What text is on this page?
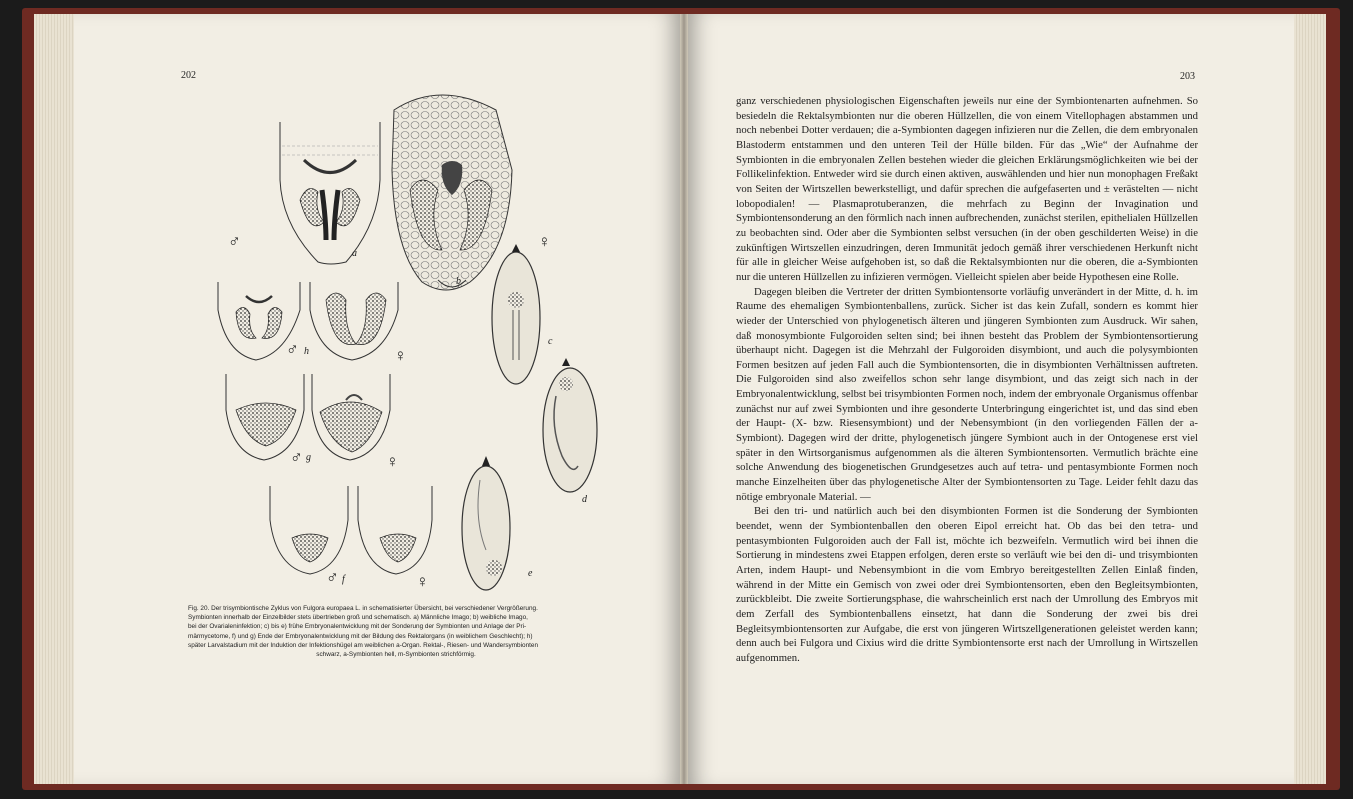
202	203
♂	♀
♂	♀
♂	♀
♂	♀
a
b
c
d
e
f
g
h
Fig. 20. Der trisymbiontische Zyklus von Fulgora europaea L. in schematisierter Übersicht, bei verschiedener Vergrößerung.
Symbionten innerhalb der Einzelbilder stets übertrieben groß und schematisch. a) Männliche Imago; b) weibliche Imago,
bei der Ovarialeninfektion; c) bis e) frühe Embryonalentwicklung mit der Sonderung der Symbionten und Anlage der Pri-
märmycetome, f) und g) Ende der Embryonalentwicklung mit der Bildung des Rektalorgans (in weiblichem Geschlecht); h)
später Larvalstadium mit der Induktion der Infektionshügel am weiblichen a-Organ. Rektal-, Riesen- und Wandersymbionten
schwarz, a-Symbionten hell, m-Symbionten strichförmig.

ganz verschiedenen physiologischen Eigenschaften jeweils nur eine der Symbiontenarten aufnehmen. So besiedeln die Rektalsymbionten nur die oberen Hüllzellen, die von einem Vitellophagen abstammen und noch nebenbei Dotter verdauen; die a-Symbionten dagegen infizieren nur die Zellen, die dem embryonalen Blastoderm entstammen und den unteren Teil der Hülle bilden. Für das „Wie“ der Aufnahme der Symbionten in die embryonalen Zellen bestehen wieder die gleichen Erklärungsmöglichkeiten wie bei der Follikelinfektion. Entweder wird sie durch einen aktiven, auswählenden und hier nun monophagen Freßakt von Seiten der Wirtszellen bewerkstelligt, und dafür sprechen die aufgefaserten und ± verästelten — nicht lobopodialen! — Plasmaprotuberanzen, die mehrfach zu Beginn der Invagination und Symbiontensonderung an den förmlich nach innen aufbrechenden, zunächst sterilen, epithelialen Hüllzellen zu beobachten sind. Oder aber die Symbionten selbst versuchen (in der oben geschilderten Weise) in die zukünftigen Wirtszellen einzudringen, deren Immunität jedoch gemäß ihrer verschiedenen Herkunft nicht für alle in gleicher Weise aufgehoben ist, so daß die Rektalsymbionten nur die oberen, die a-Symbionten nur die unteren Hüllzellen zu infizieren vermögen. Vielleicht spielen aber beide Hypothesen eine Rolle.

Dagegen bleiben die Vertreter der dritten Symbiontensorte vorläufig unverändert in der Mitte, d. h. im Raume des ehemaligen Symbiontenballens, zurück. Sicher ist das kein Zufall, sondern es kommt hier wieder der Unterschied von phylogenetisch älteren und jüngeren Symbionten zum Ausdruck. Wir sahen, daß monosymbionte Fulgoroiden selten sind; bei ihnen besteht das Problem der Symbiontensortierung überhaupt nicht. Dagegen ist die Mehrzahl der Fulgoroiden disymbiont, und auch die polysymbionten Formen besitzen auf jeden Fall auch die Symbiontensorten, die in disymbionten Verhältnissen auftreten. Die Fulgoroiden sind also zweifellos schon sehr lange disymbiont, und das zeigt sich nach in der Embryonalentwicklung, selbst bei trisymbionten Formen noch, indem der embryonale Organismus offenbar zunächst nur auf zwei Symbionten und ihre gesonderte Unterbringung eingerichtet ist, und das sind eben der Haupt- (X- bzw. Riesensymbiont) und der Nebensymbiont (in den vorliegenden Fällen der a-Symbiont). Dagegen wird der dritte, phylogenetisch jüngere Symbiont auch in der Ontogenese erst viel später in den Wirtsorganismus aufgenommen als die älteren Symbiontensorten. Vermutlich brächte eine solche Anwendung des biogenetischen Grundgesetzes auch auf tetra- und pentasymbionte Formen noch manche Einzelheiten über das phylogenetische Alter der Symbiontensorten zu Tage. Leider fehlt dazu das nötige embryonale Material. —

Bei den tri- und natürlich auch bei den disymbionten Formen ist die Sonderung der Symbionten beendet, wenn der Symbiontenballen den oberen Eipol erreicht hat. Ob das bei den tetra- und pentasymbionten Fulgoroiden auch der Fall ist, möchte ich bezweifeln. Vermutlich wird bei ihnen die Sortierung in mindestens zwei Etappen erfolgen, deren erste so verläuft wie bei den di- und trisymbionten Arten, indem Haupt- und Nebensymbiont in die vom Embryo bereitgestellten Zellen Einlaß finden, während in der Mitte ein Gemisch von zwei oder drei Symbiontensorten, eben den Begleitsymbionten, zurückbleibt. Die zweite Sortierungsphase, die wahrscheinlich erst nach der Umrollung des Embryos mit dem Zerfall des Symbiontenballens einsetzt, hat dann die Sonderung der zwei bis drei Begleitsymbiontensorten zur Aufgabe, die erst von jüngeren Wirtszellgenerationen geleistet werden kann; denn auch bei Fulgora und Cixius wird die dritte Symbiontensorte erst nach der Umrollung in Wirtszellen aufgenommen.
